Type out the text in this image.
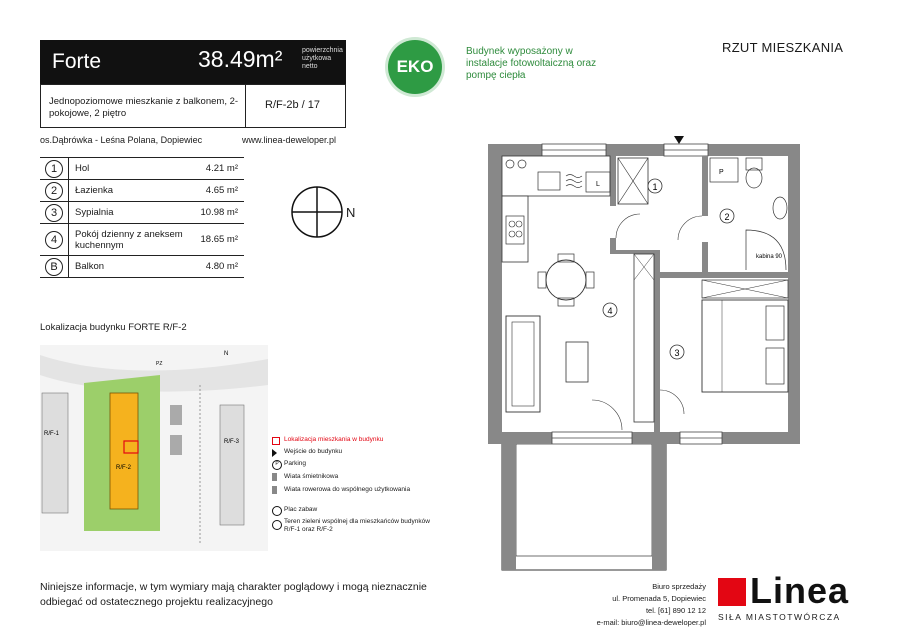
Forte	38.49m²	powierzchnia użytkowa netto
Jednopoziomowe mieszkanie z balkonem, 2-pokojowe, 2 piętro
R/F-2b / 17
os.Dąbrówka - Leśna Polana, Dopiewiec	www.linea-deweloper.pl
1	Hol	4.21 m²
2	Łazienka	4.65 m²
3	Sypialnia	10.98 m²
4	Pokój dzienny z aneksem kuchennym	18.65 m²
B	Balkon	4.80 m²
EKO
Budynek wyposażony w instalacje fotowoltaiczną oraz pompę ciepła
RZUT MIESZKANIA
N
L
P
kabina 90
1
2
3
4
Lokalizacja budynku FORTE R/F-2
R/F-1
R/F-2
R/F-3
N
PZ
Lokalizacja mieszkania w budynku
Wejście do budynku
P Parking
Wiata śmietnikowa
Wiata rowerowa do wspólnego użytkowania
Plac zabaw
Teren zieleni wspólnej dla mieszkańców budynków R/F-1 oraz R/F-2
Niniejsze informacje, w tym wymiary mają charakter poglądowy i mogą nieznacznie
odbiegać od ostatecznego projektu realizacyjnego
Biuro sprzedaży
ul. Promenada 5, Dopiewiec
tel. [61] 890 12 12
e-mail: biuro@linea-deweloper.pl
Linea
SIŁA MIASTOTWÓRCZA
